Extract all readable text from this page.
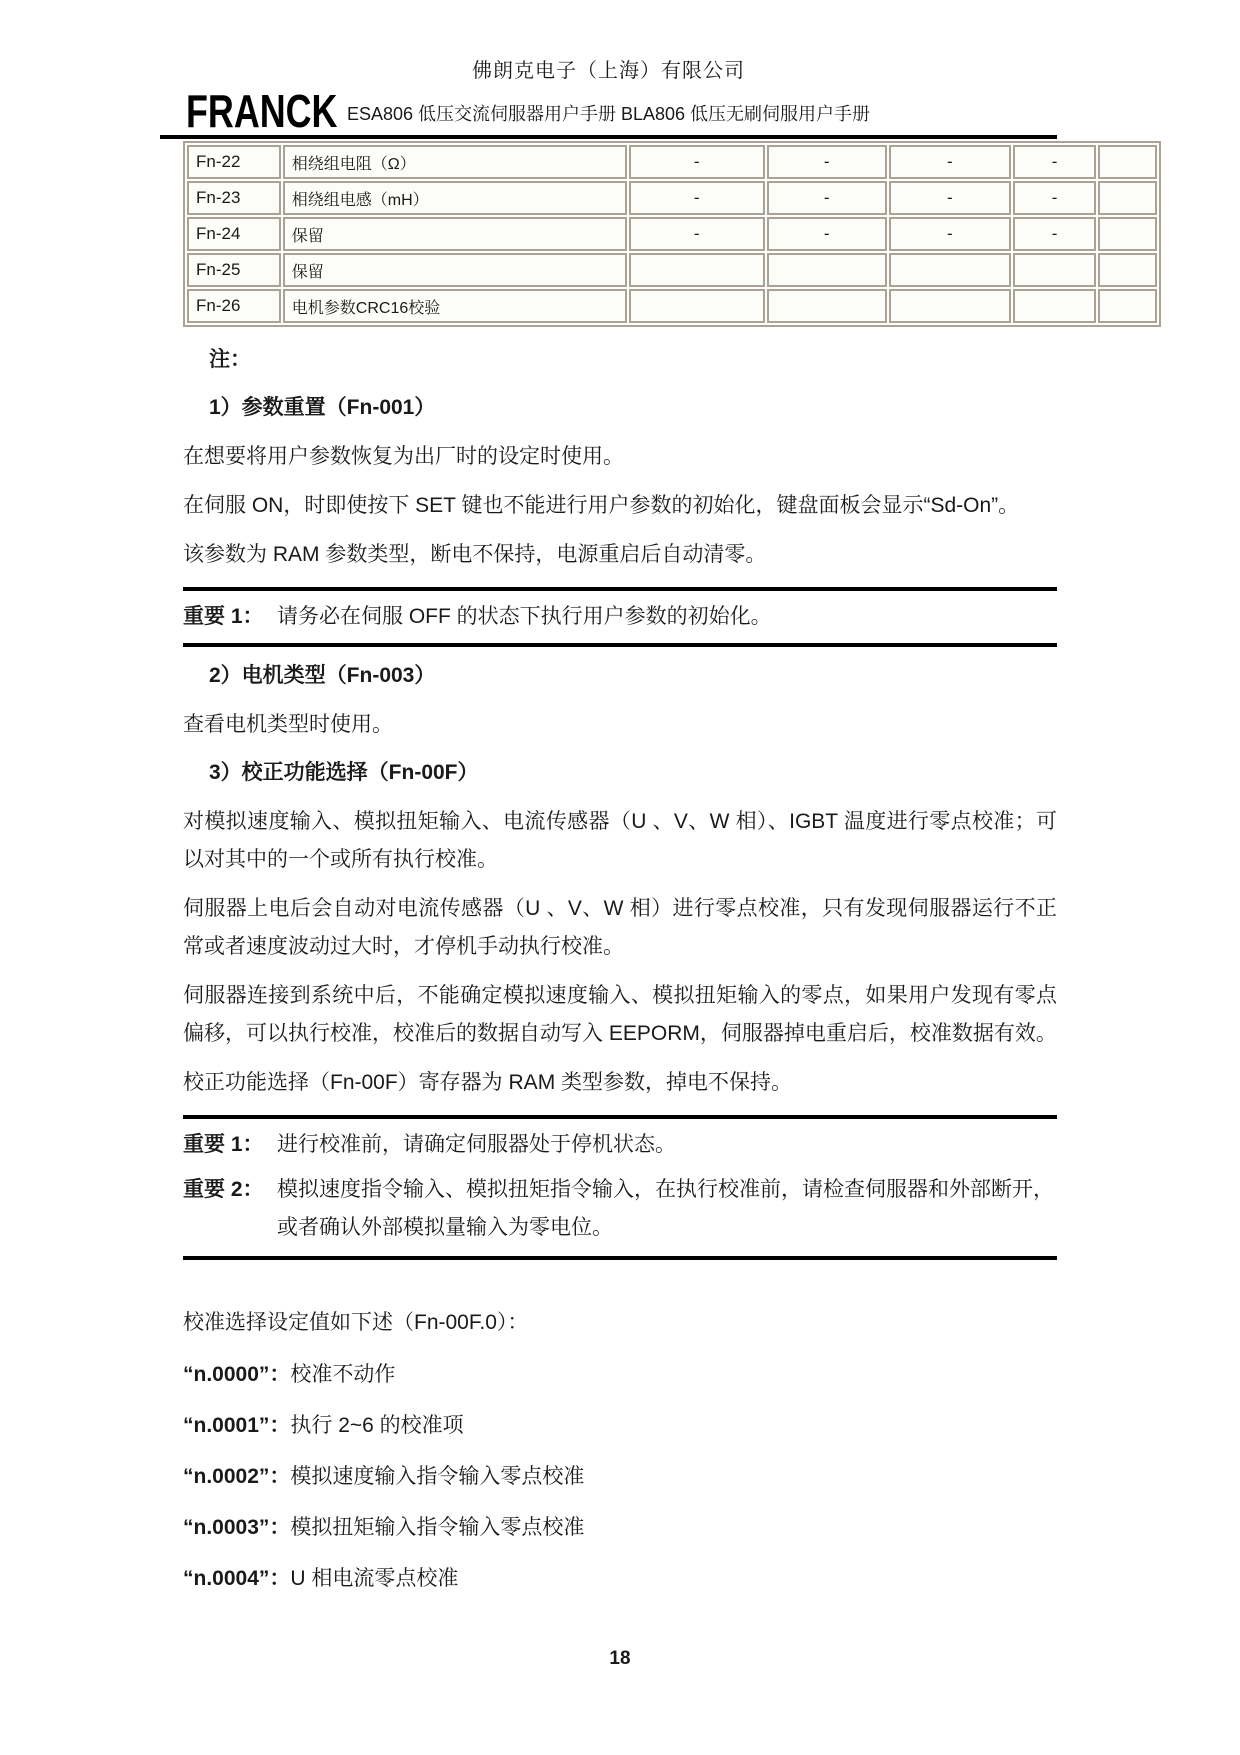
FRANCK
佛朗克电子（上海）有限公司
ESA806 低压交流伺服器用户手册 BLA806 低压无刷伺服用户手册
Fn-22	相绕组电阻（Ω）	-	-	-	-	
Fn-23	相绕组电感（mH）	-	-	-	-	
Fn-24	保留	-	-	-	-	
Fn-25	保留					
Fn-26	电机参数CRC16校验					
注：
1）参数重置（Fn-001）
在想要将用户参数恢复为出厂时的设定时使用。
在伺服 ON，时即使按下 SET 键也不能进行用户参数的初始化，键盘面板会显示“Sd-On”。
该参数为 RAM 参数类型，断电不保持，电源重启后自动清零。
重要 1： 请务必在伺服 OFF 的状态下执行用户参数的初始化。
2）电机类型（Fn-003）
查看电机类型时使用。
3）校正功能选择（Fn-00F）
对模拟速度输入、模拟扭矩输入、电流传感器（U 、V、W 相）、IGBT 温度进行零点校准；可以对其中的一个或所有执行校准。
伺服器上电后会自动对电流传感器（U 、V、W 相）进行零点校准，只有发现伺服器运行不正常或者速度波动过大时，才停机手动执行校准。
伺服器连接到系统中后，不能确定模拟速度输入、模拟扭矩输入的零点，如果用户发现有零点偏移，可以执行校准，校准后的数据自动写入 EEPORM，伺服器掉电重启后，校准数据有效。
校正功能选择（Fn-00F）寄存器为 RAM 类型参数，掉电不保持。
重要 1： 进行校准前，请确定伺服器处于停机状态。
重要 2： 模拟速度指令输入、模拟扭矩指令输入，在执行校准前，请检查伺服器和外部断开，或者确认外部模拟量输入为零电位。
校准选择设定值如下述（Fn-00F.0）：
“n.0000”：校准不动作
“n.0001”：执行 2~6 的校准项
“n.0002”：模拟速度输入指令输入零点校准
“n.0003”：模拟扭矩输入指令输入零点校准
“n.0004”：U 相电流零点校准
18
